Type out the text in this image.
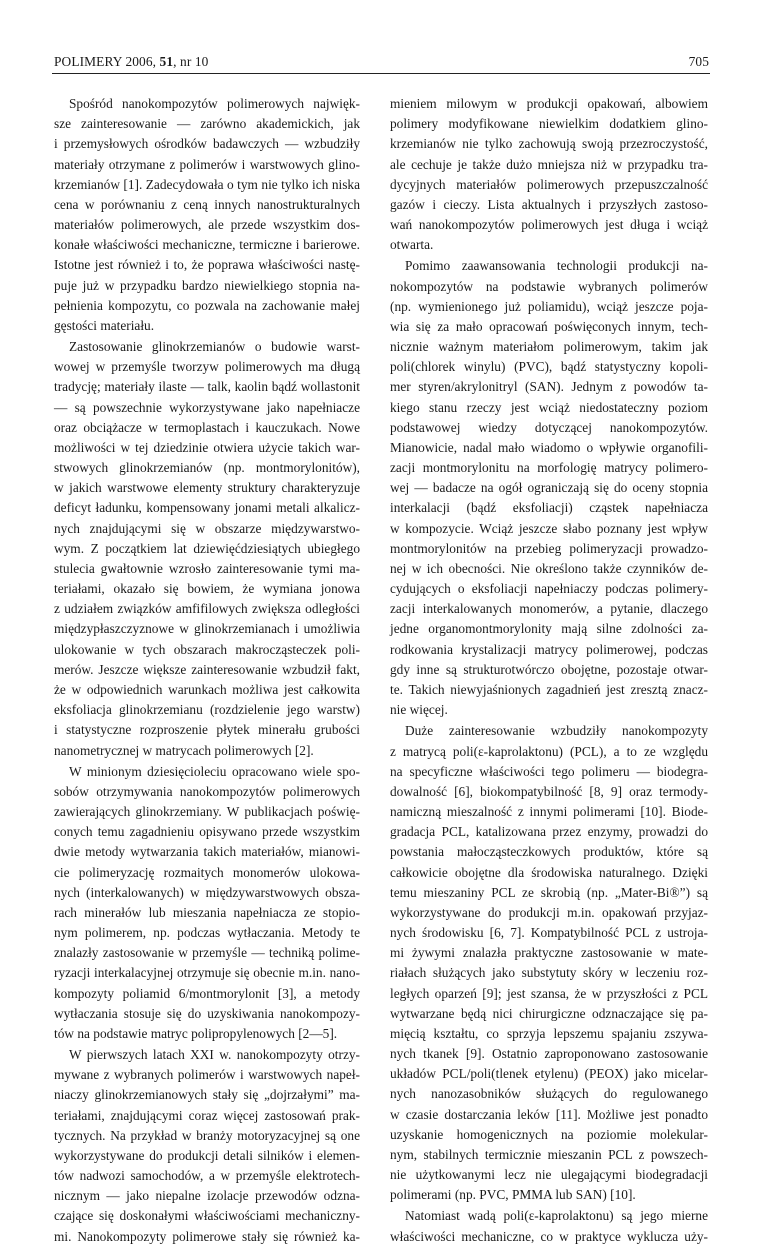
POLIMERY 2006, 51, nr 10	705
Spośród nanokompozytów polimerowych najwięk-
sze zainteresowanie — zarówno akademickich, jak
i przemysłowych ośrodków badawczych — wzbudziły
materiały otrzymane z polimerów i warstwowych glino-
krzemianów [1]. Zadecydowała o tym nie tylko ich niska
cena w porównaniu z ceną innych nanostrukturalnych
materiałów polimerowych, ale przede wszystkim dos-
konałe właściwości mechaniczne, termiczne i barierowe.
Istotne jest również i to, że poprawa właściwości nastę-
puje już w przypadku bardzo niewielkiego stopnia na-
pełnienia kompozytu, co pozwala na zachowanie małej
gęstości materiału.
Zastosowanie glinokrzemianów o budowie warst-
wowej w przemyśle tworzyw polimerowych ma długą
tradycję; materiały ilaste — talk, kaolin bądź wollastonit
— są powszechnie wykorzystywane jako napełniacze
oraz obciążacze w termoplastach i kauczukach. Nowe
możliwości w tej dziedzinie otwiera użycie takich war-
stwowych glinokrzemianów (np. montmorylonitów),
w jakich warstwowe elementy struktury charakteryzuje
deficyt ładunku, kompensowany jonami metali alkalicz-
nych znajdującymi się w obszarze międzywarstwo-
wym. Z początkiem lat dziewięćdziesiątych ubiegłego
stulecia gwałtownie wzrosło zainteresowanie tymi ma-
teriałami, okazało się bowiem, że wymiana jonowa
z udziałem związków amfifilowych zwiększa odległości
międzypłaszczyznowe w glinokrzemianach i umożliwia
ulokowanie w tych obszarach makrocząsteczek poli-
merów. Jeszcze większe zainteresowanie wzbudził fakt,
że w odpowiednich warunkach możliwa jest całkowita
eksfoliacja glinokrzemianu (rozdzielenie jego warstw)
i statystyczne rozproszenie płytek minerału grubości
nanometrycznej w matrycach polimerowych [2].
W minionym dziesięcioleciu opracowano wiele spo-
sobów otrzymywania nanokompozytów polimerowych
zawierających glinokrzemiany. W publikacjach poświę-
conych temu zagadnieniu opisywano przede wszystkim
dwie metody wytwarzania takich materiałów, mianowi-
cie polimeryzację rozmaitych monomerów ulokowa-
nych (interkalowanych) w międzywarstwowych obsza-
rach minerałów lub mieszania napełniacza ze stopio-
nym polimerem, np. podczas wytłaczania. Metody te
znalazły zastosowanie w przemyśle — techniką polime-
ryzacji interkalacyjnej otrzymuje się obecnie m.in. nano-
kompozyty poliamid 6/montmorylonit [3], a metody
wytłaczania stosuje się do uzyskiwania nanokompozy-
tów na podstawie matryc polipropylenowych [2—5].
W pierwszych latach XXI w. nanokompozyty otrzy-
mywane z wybranych polimerów i warstwowych napeł-
niaczy glinokrzemianowych stały się „dojrzałymi” ma-
teriałami, znajdującymi coraz więcej zastosowań prak-
tycznych. Na przykład w branży motoryzacyjnej są one
wykorzystywane do produkcji detali silników i elemen-
tów nadwozi samochodów, a w przemyśle elektrotech-
nicznym — jako niepalne izolacje przewodów odzna-
czające się doskonałymi właściwościami mechaniczny-
mi. Nanokompozyty polimerowe stały się również ka-
mieniem milowym w produkcji opakowań, albowiem
polimery modyfikowane niewielkim dodatkiem glino-
krzemianów nie tylko zachowują swoją przezroczystość,
ale cechuje je także dużo mniejsza niż w przypadku tra-
dycyjnych materiałów polimerowych przepuszczalność
gazów i cieczy. Lista aktualnych i przyszłych zastoso-
wań nanokompozytów polimerowych jest długa i wciąż
otwarta.
Pomimo zaawansowania technologii produkcji na-
nokompozytów na podstawie wybranych polimerów
(np. wymienionego już poliamidu), wciąż jeszcze poja-
wia się za mało opracowań poświęconych innym, tech-
nicznie ważnym materiałom polimerowym, takim jak
poli(chlorek winylu) (PVC), bądź statystyczny kopoli-
mer styren/akrylonitryl (SAN). Jednym z powodów ta-
kiego stanu rzeczy jest wciąż niedostateczny poziom
podstawowej wiedzy dotyczącej nanokompozytów.
Mianowicie, nadal mało wiadomo o wpływie organofili-
zacji montmorylonitu na morfologię matrycy polimero-
wej — badacze na ogół ograniczają się do oceny stopnia
interkalacji (bądź eksfoliacji) cząstek napełniacza
w kompozycie. Wciąż jeszcze słabo poznany jest wpływ
montmorylonitów na przebieg polimeryzacji prowadzo-
nej w ich obecności. Nie określono także czynników de-
cydujących o eksfoliacji napełniaczy podczas polimery-
zacji interkalowanych monomerów, a pytanie, dlaczego
jedne organomontmorylonity mają silne zdolności za-
rodkowania krystalizacji matrycy polimerowej, podczas
gdy inne są strukturotwórczo obojętne, pozostaje otwar-
te. Takich niewyjaśnionych zagadnień jest zresztą znacz-
nie więcej.
Duże zainteresowanie wzbudziły nanokompozyty
z matrycą poli(ε-kaprolaktonu) (PCL), a to ze względu
na specyficzne właściwości tego polimeru — biodegra-
dowalność [6], biokompatybilność [8, 9] oraz termody-
namiczną mieszalność z innymi polimerami [10]. Biode-
gradacja PCL, katalizowana przez enzymy, prowadzi do
powstania małocząsteczkowych produktów, które są
całkowicie obojętne dla środowiska naturalnego. Dzięki
temu mieszaniny PCL ze skrobią (np. „Mater-Bi®”) są
wykorzystywane do produkcji m.in. opakowań przyjaz-
nych środowisku [6, 7]. Kompatybilność PCL z ustroja-
mi żywymi znalazła praktyczne zastosowanie w mate-
riałach służących jako substytuty skóry w leczeniu roz-
ległych oparzeń [9]; jest szansa, że w przyszłości z PCL
wytwarzane będą nici chirurgiczne odznaczające się pa-
mięcią kształtu, co sprzyja lepszemu spajaniu zszywa-
nych tkanek [9]. Ostatnio zaproponowano zastosowanie
układów PCL/poli(tlenek etylenu) (PEOX) jako micelar-
nych nanozasobników służących do regulowanego
w czasie dostarczania leków [11]. Możliwe jest ponadto
uzyskanie homogenicznych na poziomie molekular-
nym, stabilnych termicznie mieszanin PCL z powszech-
nie użytkowanymi lecz nie ulegającymi biodegradacji
polimerami (np. PVC, PMMA lub SAN) [10].
Natomiast wadą poli(ε-kaprolaktonu) są jego mierne
właściwości mechaniczne, co w praktyce wyklucza uży-
